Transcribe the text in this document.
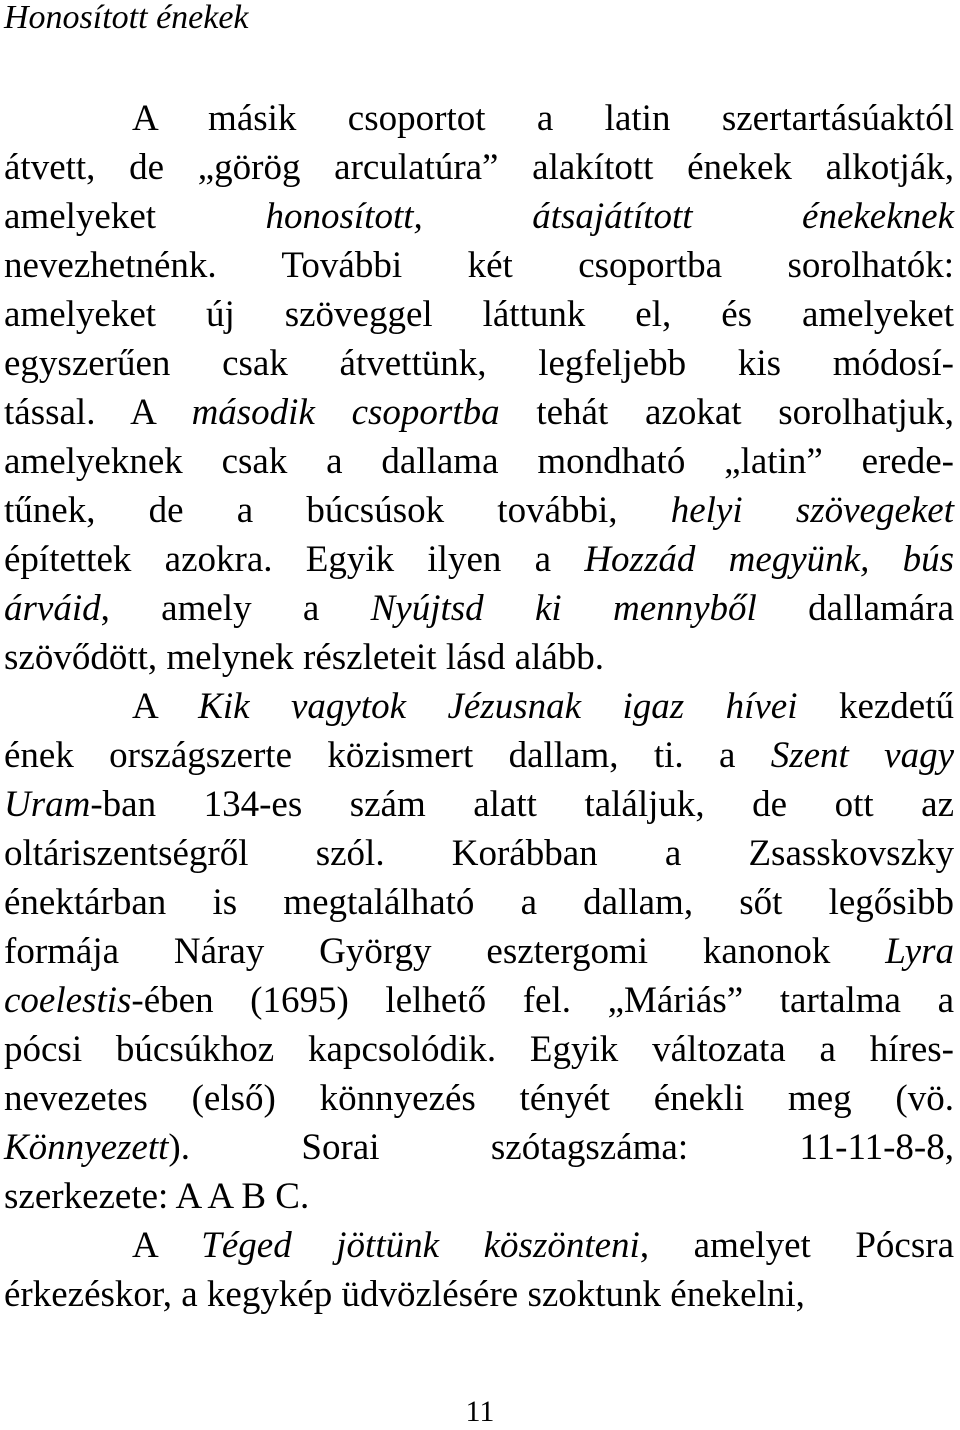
Honosított énekek
A másik csoportot a latin szertartásúaktól
átvett, de „görög arculatúra” alakított énekek alkotják,
amelyeket honosított,	átsajátított	énekeknek
nevezhetnénk. További két csoportba sorolhatók:
amelyeket új szöveggel láttunk el, és amelyeket
egyszerűen csak átvettünk, legfeljebb kis módosí-
tással. A második csoportba tehát azokat sorolhatjuk,
amelyeknek csak a dallama mondható „latin” erede-
tűnek, de a búcsúsok további, helyi szövegeket
építettek azokra. Egyik ilyen a Hozzád megyünk, bús
árváid, amely a Nyújtsd ki mennyből dallamára
szövődött, melynek részleteit lásd alább.
A Kik vagytok Jézusnak igaz hívei kezdetű
ének országszerte közismert dallam, ti. a Szent vagy
Uram-ban 134-es szám alatt találjuk, de ott az
oltáriszentségről szól. Korábban a Zsasskovszky
énektárban is megtalálható a dallam, sőt legősibb
formája Náray György esztergomi kanonok Lyra
coelestis-ében (1695) lelhető fel. „Máriás” tartalma a
pócsi búcsúkhoz kapcsolódik. Egyik változata a híres-
nevezetes (első) könnyezés tényét énekli meg (vö.
Könnyezett). Sorai szótagszáma: 11-11-8-8,
szerkezete: A A B C.
A Téged jöttünk köszönteni, amelyet Pócsra
érkezéskor, a kegykép üdvözlésére szoktunk énekelni,
11
